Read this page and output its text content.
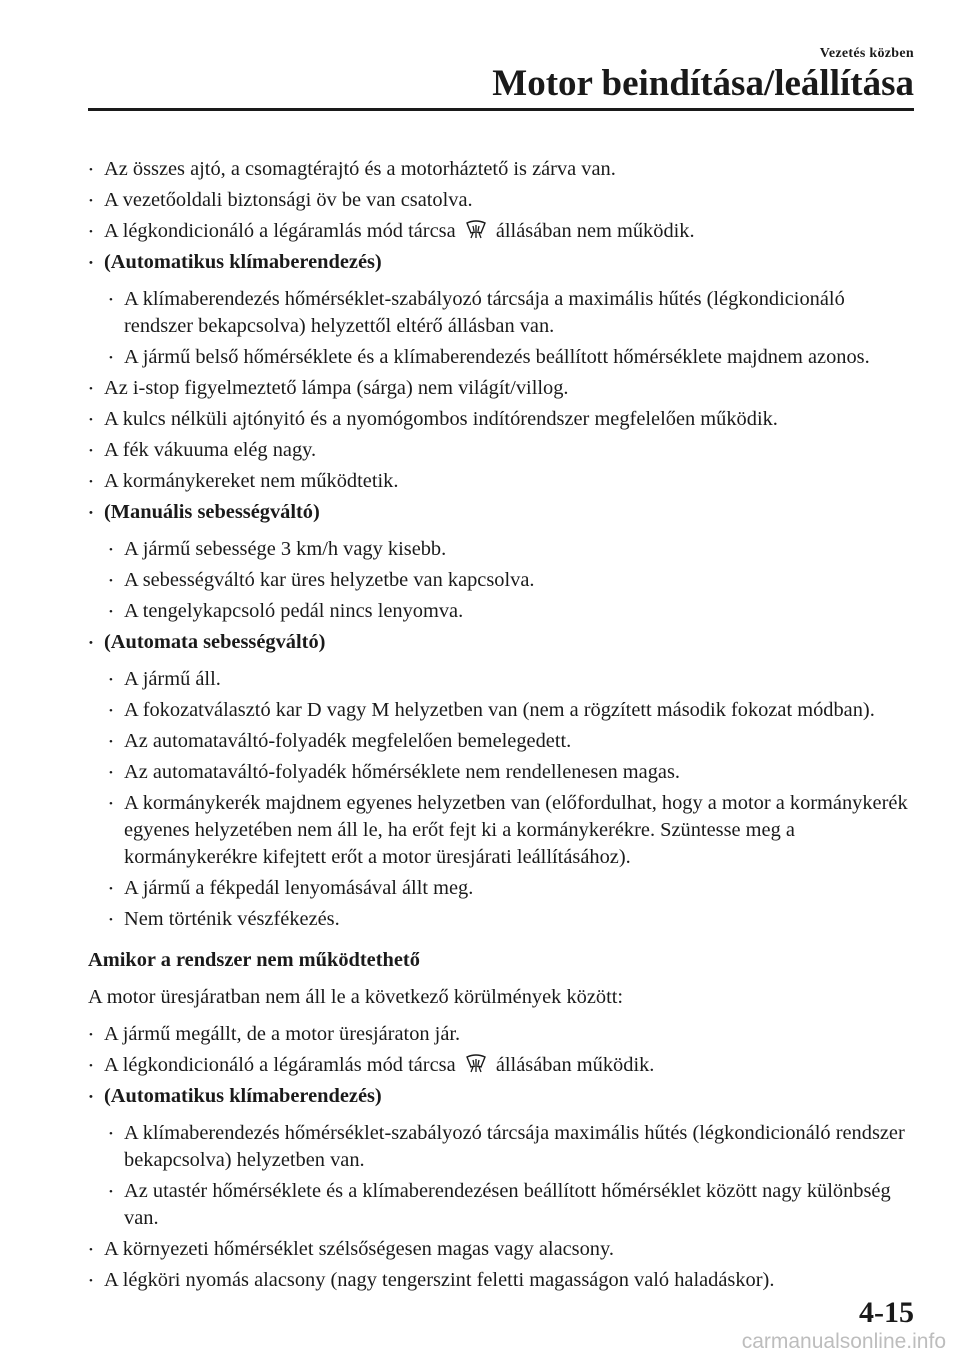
Vezetés közben
Motor beindítása/leállítása
• Az összes ajtó, a csomagtérajtó és a motorháztető is zárva van.
• A vezetőoldali biztonsági öv be van csatolva.
• A légkondicionáló a légáramlás mód tárcsa állásában nem működik.
• (Automatikus klímaberendezés)
• A klímaberendezés hőmérséklet-szabályozó tárcsája a maximális hűtés (légkondicionáló rendszer bekapcsolva) helyzettől eltérő állásban van.
• A jármű belső hőmérséklete és a klímaberendezés beállított hőmérséklete majdnem azonos.
• Az i-stop figyelmeztető lámpa (sárga) nem világít/villog.
• A kulcs nélküli ajtónyitó és a nyomógombos indítórendszer megfelelően működik.
• A fék vákuuma elég nagy.
• A kormánykereket nem működtetik.
• (Manuális sebességváltó)
• A jármű sebessége 3 km/h vagy kisebb.
• A sebességváltó kar üres helyzetbe van kapcsolva.
• A tengelykapcsoló pedál nincs lenyomva.
• (Automata sebességváltó)
• A jármű áll.
• A fokozatválasztó kar D vagy M helyzetben van (nem a rögzített második fokozat módban).
• Az automataváltó-folyadék megfelelően bemelegedett.
• Az automataváltó-folyadék hőmérséklete nem rendellenesen magas.
• A kormánykerék majdnem egyenes helyzetben van (előfordulhat, hogy a motor a kormánykerék egyenes helyzetében nem áll le, ha erőt fejt ki a kormánykerékre. Szüntesse meg a kormánykerékre kifejtett erőt a motor üresjárati leállításához).
• A jármű a fékpedál lenyomásával állt meg.
• Nem történik vészfékezés.
Amikor a rendszer nem működtethető
A motor üresjáratban nem áll le a következő körülmények között:
• A jármű megállt, de a motor üresjáraton jár.
• A légkondicionáló a légáramlás mód tárcsa állásában működik.
• (Automatikus klímaberendezés)
• A klímaberendezés hőmérséklet-szabályozó tárcsája maximális hűtés (légkondicionáló rendszer bekapcsolva) helyzetben van.
• Az utastér hőmérséklete és a klímaberendezésen beállított hőmérséklet között nagy különbség van.
• A környezeti hőmérséklet szélsőségesen magas vagy alacsony.
• A légköri nyomás alacsony (nagy tengerszint feletti magasságon való haladáskor).
4-15
carmanualsonline.info
